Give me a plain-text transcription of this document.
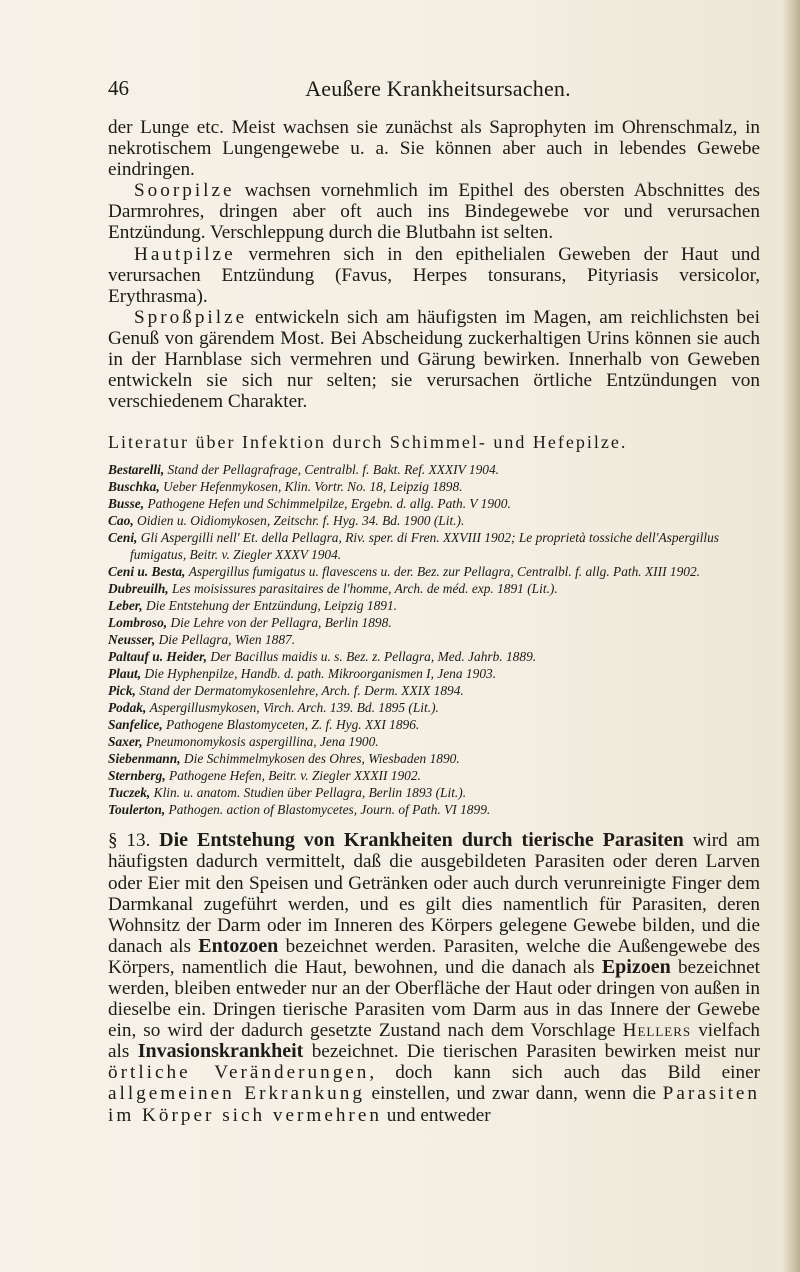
46	Aeußere Krankheitsursachen.

der Lunge etc. Meist wachsen sie zunächst als Saprophyten im Ohrenschmalz, in nekrotischem Lungengewebe u. a. Sie können aber auch in lebendes Gewebe eindringen.

Soorpilze wachsen vornehmlich im Epithel des obersten Abschnittes des Darmrohres, dringen aber oft auch ins Bindegewebe vor und verursachen Entzündung. Verschleppung durch die Blutbahn ist selten.

Hautpilze vermehren sich in den epithelialen Geweben der Haut und verursachen Entzündung (Favus, Herpes tonsurans, Pityriasis versicolor, Erythrasma).

Sproßpilze entwickeln sich am häufigsten im Magen, am reichlichsten bei Genuß von gärendem Most. Bei Abscheidung zuckerhaltigen Urins können sie auch in der Harnblase sich vermehren und Gärung bewirken. Innerhalb von Geweben entwickeln sie sich nur selten; sie verursachen örtliche Entzündungen von verschiedenem Charakter.

Literatur über Infektion durch Schimmel- und Hefepilze.
Bestarelli, Stand der Pellagrafrage, Centralbl. f. Bakt. Ref. XXXIV 1904.
Buschka, Ueber Hefenmykosen, Klin. Vortr. No. 18, Leipzig 1898.
Busse, Pathogene Hefen und Schimmelpilze, Ergebn. d. allg. Path. V 1900.
Cao, Oidien u. Oidiomykosen, Zeitschr. f. Hyg. 34. Bd. 1900 (Lit.).
Ceni, Gli Aspergilli nell' Et. della Pellagra, Riv. sper. di Fren. XXVIII 1902; Le proprietà tossiche dell'Aspergillus fumigatus, Beitr. v. Ziegler XXXV 1904.
Ceni u. Besta, Aspergillus fumigatus u. flavescens u. der. Bez. zur Pellagra, Centralbl. f. allg. Path. XIII 1902.
Dubreuilh, Les moisissures parasitaires de l'homme, Arch. de méd. exp. 1891 (Lit.).
Leber, Die Entstehung der Entzündung, Leipzig 1891.
Lombroso, Die Lehre von der Pellagra, Berlin 1898.
Neusser, Die Pellagra, Wien 1887.
Paltauf u. Heider, Der Bacillus maidis u. s. Bez. z. Pellagra, Med. Jahrb. 1889.
Plaut, Die Hyphenpilze, Handb. d. path. Mikroorganismen I, Jena 1903.
Pick, Stand der Dermatomykosenlehre, Arch. f. Derm. XXIX 1894.
Podak, Aspergillusmykosen, Virch. Arch. 139. Bd. 1895 (Lit.).
Sanfelice, Pathogene Blastomyceten, Z. f. Hyg. XXI 1896.
Saxer, Pneumonomykosis aspergillina, Jena 1900.
Siebenmann, Die Schimmelmykosen des Ohres, Wiesbaden 1890.
Sternberg, Pathogene Hefen, Beitr. v. Ziegler XXXII 1902.
Tuczek, Klin. u. anatom. Studien über Pellagra, Berlin 1893 (Lit.).
Toulerton, Pathogen. action of Blastomycetes, Journ. of Path. VI 1899.

§ 13. Die Entstehung von Krankheiten durch tierische Parasiten wird am häufigsten dadurch vermittelt, daß die ausgebildeten Parasiten oder deren Larven oder Eier mit den Speisen und Getränken oder auch durch verunreinigte Finger dem Darmkanal zugeführt werden, und es gilt dies namentlich für Parasiten, deren Wohnsitz der Darm oder im Inneren des Körpers gelegene Gewebe bilden, und die danach als Entozoen bezeichnet werden. Parasiten, welche die Außengewebe des Körpers, namentlich die Haut, bewohnen, und die danach als Epizoen bezeichnet werden, bleiben entweder nur an der Oberfläche der Haut oder dringen von außen in dieselbe ein. Dringen tierische Parasiten vom Darm aus in das Innere der Gewebe ein, so wird der dadurch gesetzte Zustand nach dem Vorschlage Hellers vielfach als Invasionskrankheit bezeichnet. Die tierischen Parasiten bewirken meist nur örtliche Veränderungen, doch kann sich auch das Bild einer allgemeinen Erkrankung einstellen, und zwar dann, wenn die Parasiten im Körper sich vermehren und entweder
